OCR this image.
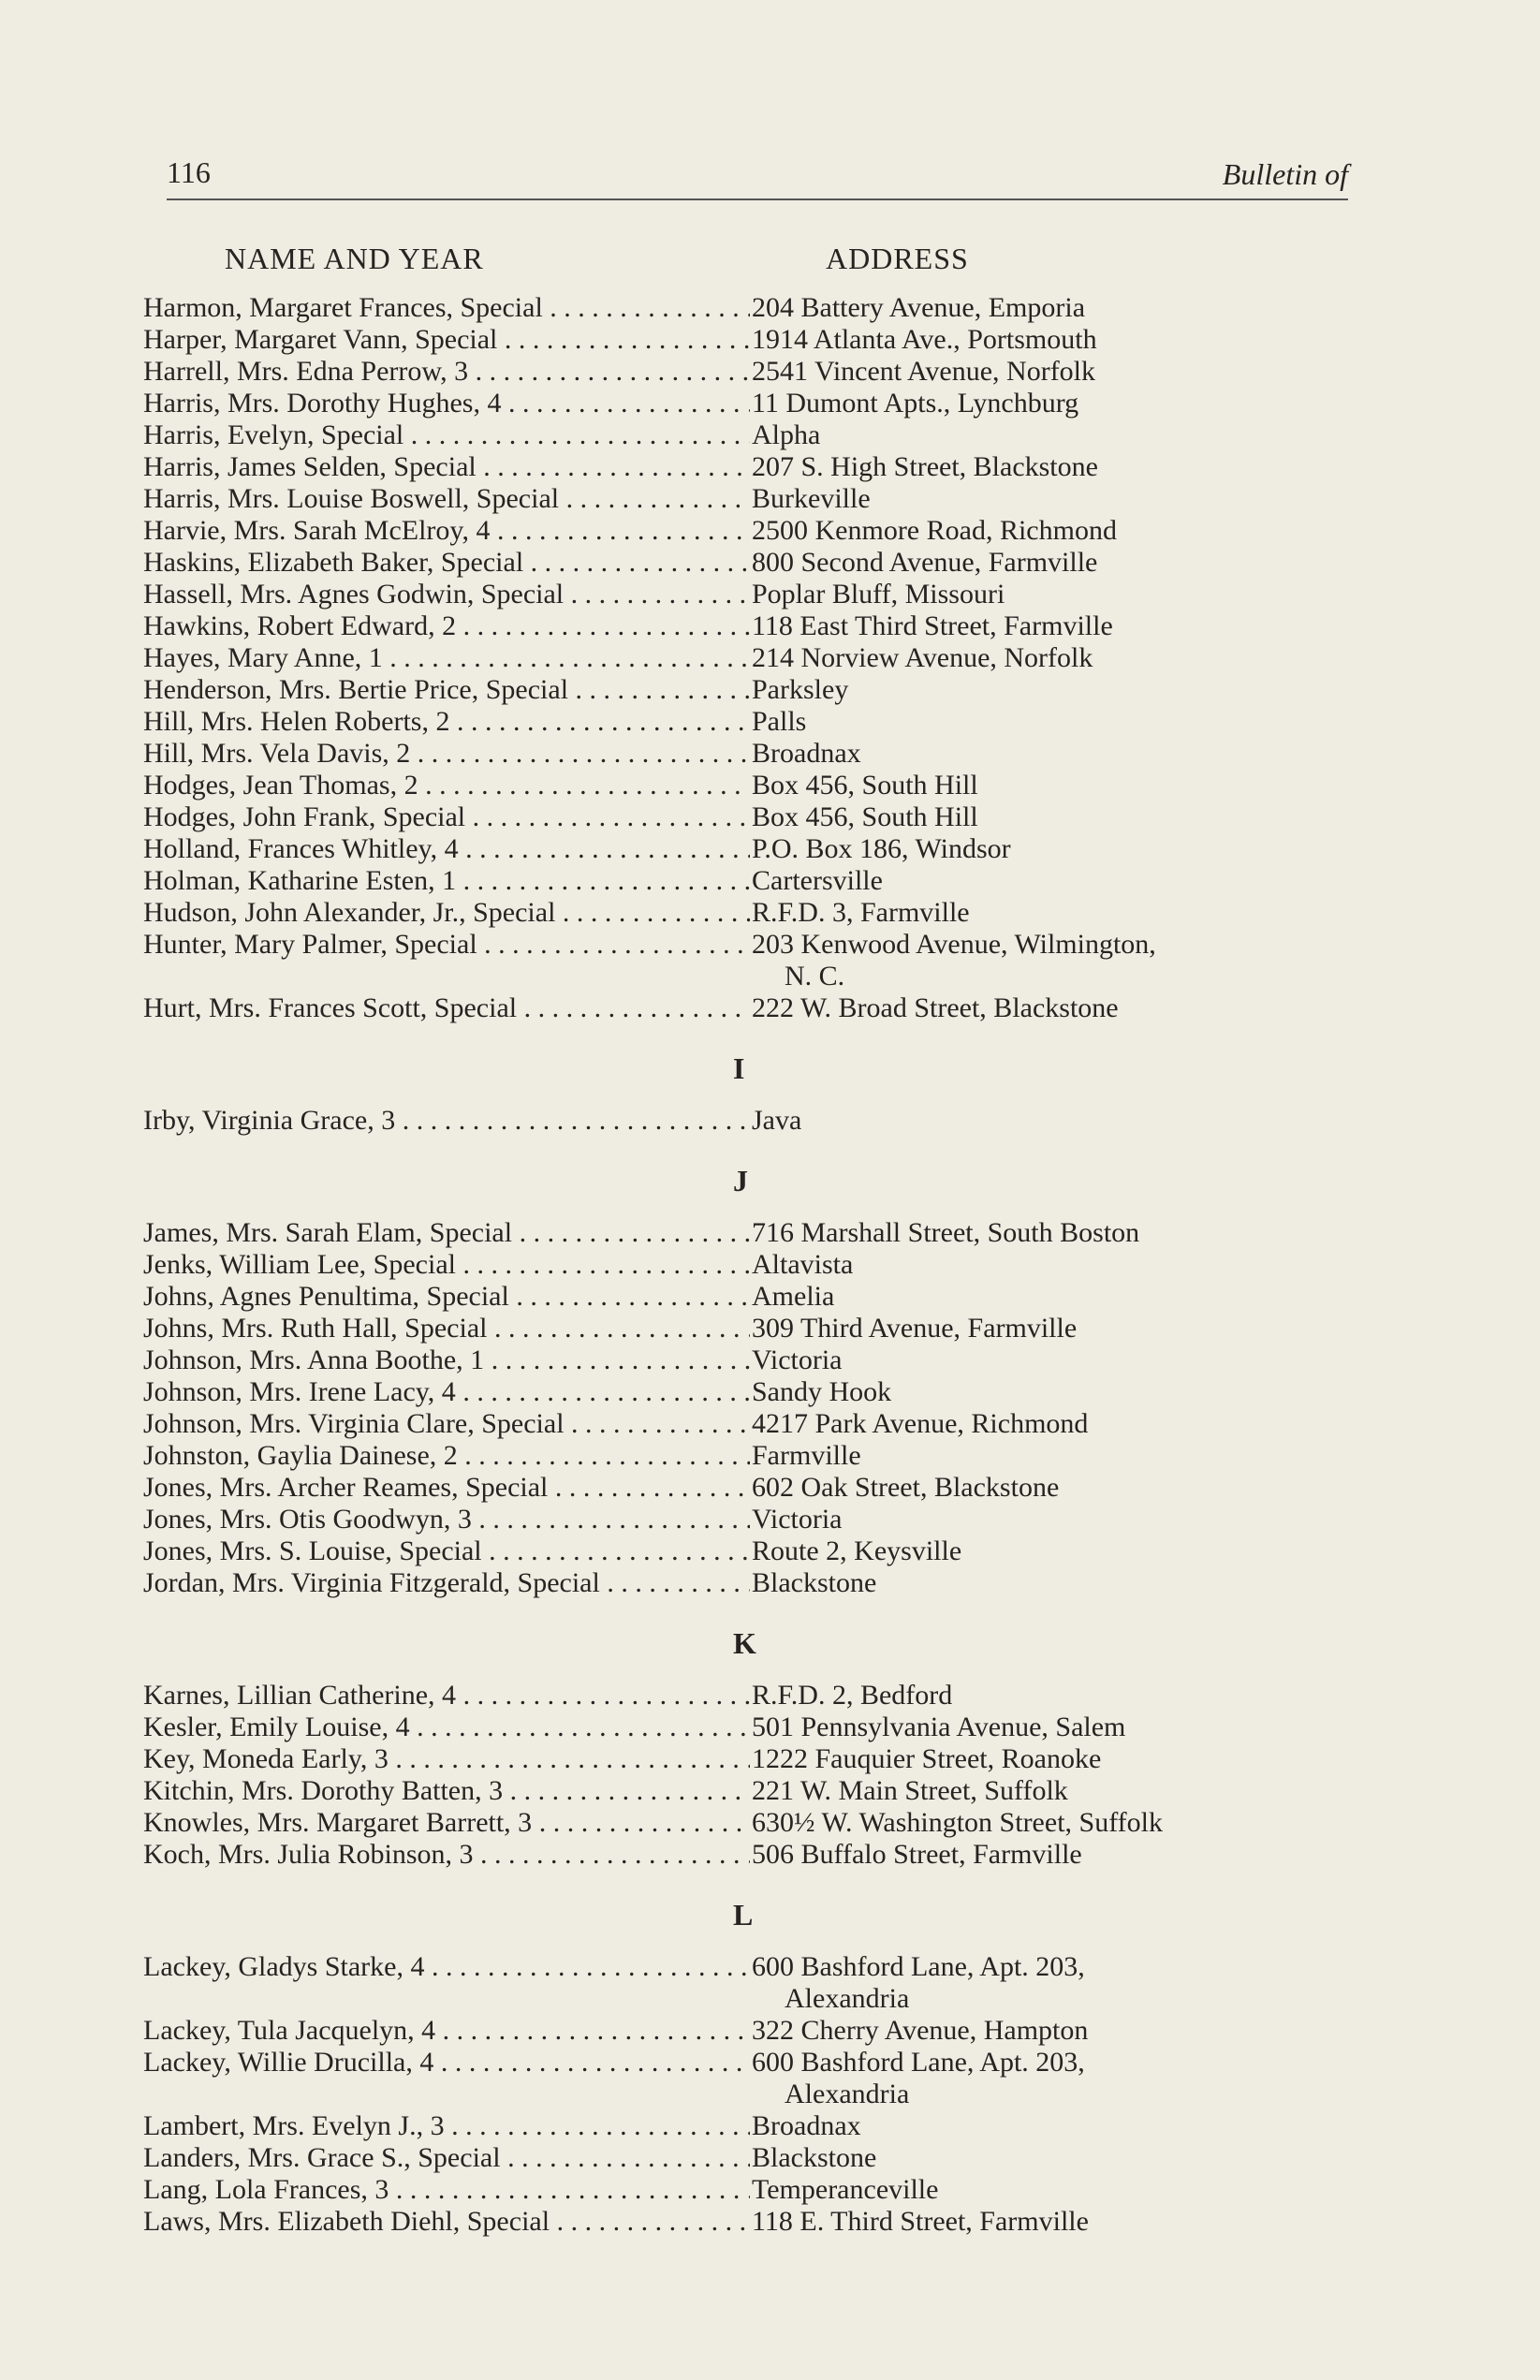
116	Bulletin of
NAME AND YEAR	ADDRESS
Harmon, Margaret Frances, Special . . .	204 Battery Avenue, Emporia
Harper, Margaret Vann, Special . . .	1914 Atlanta Ave., Portsmouth
Harrell, Mrs. Edna Perrow, 3 . . .	2541 Vincent Avenue, Norfolk
Harris, Mrs. Dorothy Hughes, 4 . . .	11 Dumont Apts., Lynchburg
Harris, Evelyn, Special . . .	Alpha
Harris, James Selden, Special . . .	207 S. High Street, Blackstone
Harris, Mrs. Louise Boswell, Special . . .	Burkeville
Harvie, Mrs. Sarah McElroy, 4 . . .	2500 Kenmore Road, Richmond
Haskins, Elizabeth Baker, Special . . .	800 Second Avenue, Farmville
Hassell, Mrs. Agnes Godwin, Special . . .	Poplar Bluff, Missouri
Hawkins, Robert Edward, 2 . . .	118 East Third Street, Farmville
Hayes, Mary Anne, 1 . . .	214 Norview Avenue, Norfolk
Henderson, Mrs. Bertie Price, Special . . .	Parksley
Hill, Mrs. Helen Roberts, 2 . . .	Palls
Hill, Mrs. Vela Davis, 2 . . .	Broadnax
Hodges, Jean Thomas, 2 . . .	Box 456, South Hill
Hodges, John Frank, Special . . .	Box 456, South Hill
Holland, Frances Whitley, 4 . . .	P.O. Box 186, Windsor
Holman, Katharine Esten, 1 . . .	Cartersville
Hudson, John Alexander, Jr., Special . . .	R.F.D. 3, Farmville
Hunter, Mary Palmer, Special . . .	203 Kenwood Avenue, Wilmington,
N. C.
Hurt, Mrs. Frances Scott, Special . . .	222 W. Broad Street, Blackstone
I
Irby, Virginia Grace, 3 . . .	Java
J
James, Mrs. Sarah Elam, Special . . .	716 Marshall Street, South Boston
Jenks, William Lee, Special . . .	Altavista
Johns, Agnes Penultima, Special . . .	Amelia
Johns, Mrs. Ruth Hall, Special . . .	309 Third Avenue, Farmville
Johnson, Mrs. Anna Boothe, 1 . . .	Victoria
Johnson, Mrs. Irene Lacy, 4 . . .	Sandy Hook
Johnson, Mrs. Virginia Clare, Special . . .	4217 Park Avenue, Richmond
Johnston, Gaylia Dainese, 2 . . .	Farmville
Jones, Mrs. Archer Reames, Special . . .	602 Oak Street, Blackstone
Jones, Mrs. Otis Goodwyn, 3 . . .	Victoria
Jones, Mrs. S. Louise, Special . . .	Route 2, Keysville
Jordan, Mrs. Virginia Fitzgerald, Special . . .	Blackstone
K
Karnes, Lillian Catherine, 4 . . .	R.F.D. 2, Bedford
Kesler, Emily Louise, 4 . . .	501 Pennsylvania Avenue, Salem
Key, Moneda Early, 3 . . .	1222 Fauquier Street, Roanoke
Kitchin, Mrs. Dorothy Batten, 3 . . .	221 W. Main Street, Suffolk
Knowles, Mrs. Margaret Barrett, 3 . . .	630½ W. Washington Street, Suffolk
Koch, Mrs. Julia Robinson, 3 . . .	506 Buffalo Street, Farmville
L
Lackey, Gladys Starke, 4 . . .	600 Bashford Lane, Apt. 203,
Alexandria
Lackey, Tula Jacquelyn, 4 . . .	322 Cherry Avenue, Hampton
Lackey, Willie Drucilla, 4 . . .	600 Bashford Lane, Apt. 203,
Alexandria
Lambert, Mrs. Evelyn J., 3 . . .	Broadnax
Landers, Mrs. Grace S., Special . . .	Blackstone
Lang, Lola Frances, 3 . . .	Temperanceville
Laws, Mrs. Elizabeth Diehl, Special . . .	118 E. Third Street, Farmville
